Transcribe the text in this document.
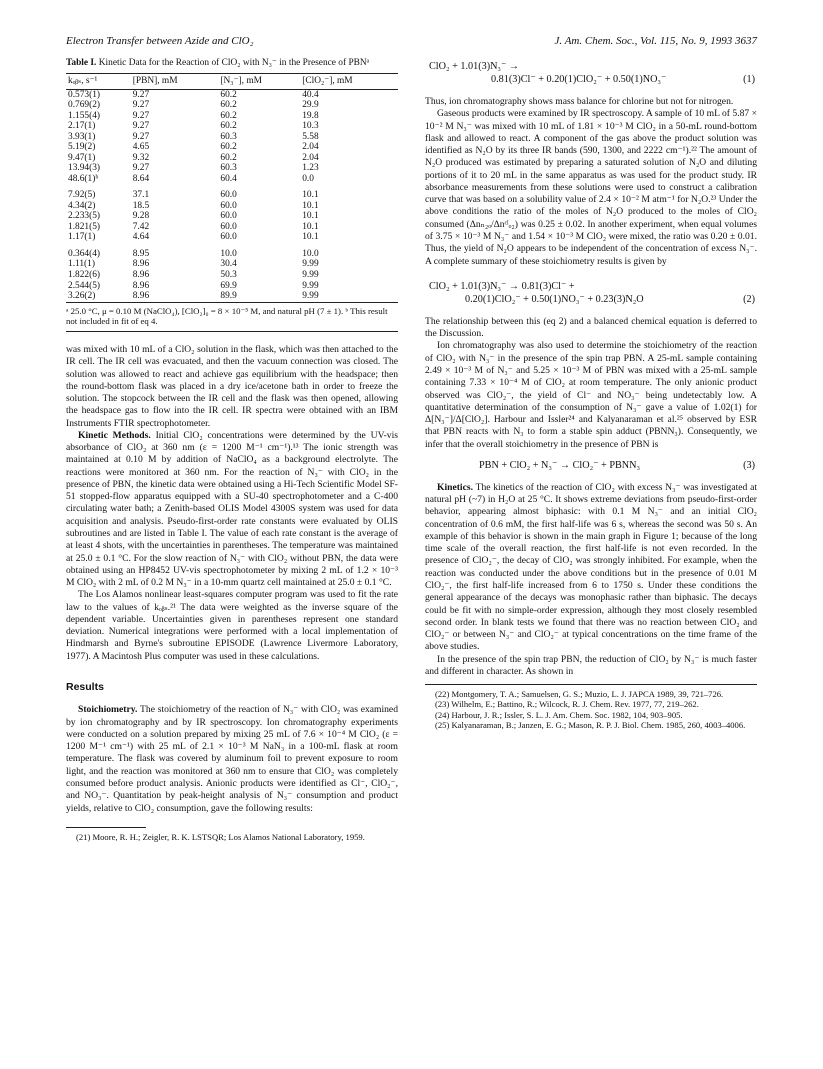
Electron Transfer between Azide and ClO₂	J. Am. Chem. Soc., Vol. 115, No. 9, 1993 3637
Table I. Kinetic Data for the Reaction of ClO₂ with N₃⁻ in the Presence of PBNᵃ
kₒᵦₛ, s⁻¹	[PBN], mM	[N₃⁻], mM	[ClO₂⁻], mM
0.573(1)	9.27	60.2	40.4
0.769(2)	9.27	60.2	29.9
1.155(4)	9.27	60.2	19.8
2.17(1)	9.27	60.2	10.3
3.93(1)	9.27	60.3	5.58
5.19(2)	4.65	60.2	2.04
9.47(1)	9.32	60.2	2.04
13.94(3)	9.27	60.3	1.23
48.6(1)ᵇ	8.64	60.4	0.0
7.92(5)	37.1	60.0	10.1
4.34(2)	18.5	60.0	10.1
2.233(5)	9.28	60.0	10.1
1.821(5)	7.42	60.0	10.1
1.17(1)	4.64	60.0	10.1
0.364(4)	8.95	10.0	10.0
1.11(1)	8.96	30.4	9.99
1.822(6)	8.96	50.3	9.99
2.544(5)	8.96	69.9	9.99
3.26(2)	8.96	89.9	9.99
ᵃ 25.0 °C, μ = 0.10 M (NaClO₄), [ClO₂]₀ = 8 × 10⁻⁵ M, and natural pH (7 ± 1). ᵇ This result not included in fit of eq 4.

was mixed with 10 mL of a ClO₂ solution in the flask, which was then attached to the IR cell. The IR cell was evacuated, and then the vacuum connection was closed. The solution was allowed to react and achieve gas equilibrium with the headspace; then the round-bottom flask was placed in a dry ice/acetone bath in order to freeze the solution. The stopcock between the IR cell and the flask was then opened, allowing the headspace gas to flow into the IR cell. IR spectra were obtained with an IBM Instruments FTIR spectrophotometer.

Kinetic Methods. Initial ClO₂ concentrations were determined by the UV-vis absorbance of ClO₂ at 360 nm (ε = 1200 M⁻¹ cm⁻¹).¹³ The ionic strength was maintained at 0.10 M by addition of NaClO₄ as a background electrolyte. The reactions were monitored at 360 nm. For the reaction of N₃⁻ with ClO₂ in the presence of PBN, the kinetic data were obtained using a Hi-Tech Scientific Model SF-51 stopped-flow apparatus equipped with a SU-40 spectrophotometer and a C-400 circulating water bath; a Zenith-based OLIS Model 4300S system was used for data acquisition and analysis. Pseudo-first-order rate constants were evaluated by OLIS subroutines and are listed in Table I. The value of each rate constant is the average of at least 4 shots, with the uncertainties in parentheses. The temperature was maintained at 25.0 ± 0.1 °C. For the slow reaction of N₃⁻ with ClO₂ without PBN, the data were obtained using an HP8452 UV-vis spectrophotometer by mixing 2 mL of 1.2 × 10⁻³ M ClO₂ with 2 mL of 0.2 M N₃⁻ in a 10-mm quartz cell maintained at 25.0 ± 0.1 °C.

The Los Alamos nonlinear least-squares computer program was used to fit the rate law to the values of kₒᵦₛ.²¹ The data were weighted as the inverse square of the dependent variable. Uncertainties given in parentheses represent one standard deviation. Numerical integrations were performed with a local implementation of Hindmarsh and Byrne's subroutine EPISODE (Lawrence Livermore Laboratory, 1977). A Macintosh Plus computer was used in these calculations.

Results

Stoichiometry. The stoichiometry of the reaction of N₃⁻ with ClO₂ was examined by ion chromatography and by IR spectroscopy. Ion chromatography experiments were conducted on a solution prepared by mixing 25 mL of 7.6 × 10⁻⁴ M ClO₂ (ε = 1200 M⁻¹ cm⁻¹) with 25 mL of 2.1 × 10⁻³ M NaN₃ in a 100-mL flask at room temperature. The flask was covered by aluminum foil to prevent exposure to room light, and the reaction was monitored at 360 nm to ensure that ClO₂ was completely consumed before product analysis. Anionic products were identified as Cl⁻, ClO₂⁻, and NO₃⁻. Quantitation by peak-height analysis of N₃⁻ consumption and product yields, relative to ClO₂ consumption, gave the following results:

(21) Moore, R. H.; Zeigler, R. K. LSTSQR; Los Alamos National Laboratory, 1959.
ClO₂ + 1.01(3)N₃⁻ →
0.81(3)Cl⁻ + 0.20(1)ClO₂⁻ + 0.50(1)NO₃⁻	(1)

Thus, ion chromatography shows mass balance for chlorine but not for nitrogen.

Gaseous products were examined by IR spectroscopy. A sample of 10 mL of 5.87 × 10⁻² M N₃⁻ was mixed with 10 mL of 1.81 × 10⁻³ M ClO₂ in a 50-mL round-bottom flask and allowed to react. A component of the gas above the product solution was identified as N₂O by its three IR bands (590, 1300, and 2222 cm⁻¹).²² The amount of N₂O produced was estimated by preparing a saturated solution of N₂O and diluting portions of it to 20 mL in the same apparatus as was used for the product study. IR absorbance measurements from these solutions were used to construct a calibration curve that was based on a solubility value of 2.4 × 10⁻² M atm⁻¹ for N₂O.²³ Under the above conditions the ratio of the moles of N₂O produced to the moles of ClO₂ consumed (Δnₙ₂ₒ/Δnᶜˡₒ₂) was 0.25 ± 0.02. In another experiment, when equal volumes of 3.75 × 10⁻³ M N₃⁻ and 1.54 × 10⁻³ M ClO₂ were mixed, the ratio was 0.20 ± 0.01. Thus, the yield of N₂O appears to be independent of the concentration of excess N₃⁻. A complete summary of these stoichiometry results is given by

ClO₂ + 1.01(3)N₃⁻ → 0.81(3)Cl⁻ +
0.20(1)ClO₂⁻ + 0.50(1)NO₃⁻ + 0.23(3)N₂O	(2)

The relationship between this (eq 2) and a balanced chemical equation is deferred to the Discussion.

Ion chromatography was also used to determine the stoichiometry of the reaction of ClO₂ with N₃⁻ in the presence of the spin trap PBN. A 25-mL sample containing 2.49 × 10⁻³ M of N₃⁻ and 5.25 × 10⁻³ M of PBN was mixed with a 25-mL sample containing 7.33 × 10⁻⁴ M of ClO₂ at room temperature. The only anionic product observed was ClO₂⁻, the yield of Cl⁻ and NO₃⁻ being undetectably low. A quantitative determination of the consumption of N₃⁻ gave a value of 1.02(1) for Δ[N₃⁻]/Δ[ClO₂]. Harbour and Issler²⁴ and Kalyanaraman et al.²⁵ observed by ESR that PBN reacts with N₃ to form a stable spin adduct (PBNN₃). Consequently, we infer that the overall stoichiometry in the presence of PBN is

PBN + ClO₂ + N₃⁻ → ClO₂⁻ + PBNN₃	(3)

Kinetics. The kinetics of the reaction of ClO₂ with excess N₃⁻ was investigated at natural pH (~7) in H₂O at 25 °C. It shows extreme deviations from pseudo-first-order behavior, appearing almost biphasic: with 0.1 M N₃⁻ and an initial ClO₂ concentration of 0.6 mM, the first half-life was 6 s, whereas the second was 50 s. An example of this behavior is shown in the main graph in Figure 1; because of the long time scale of the overall reaction, the first half-life is not even recorded. In the presence of ClO₂⁻, the decay of ClO₂ was strongly inhibited. For example, when the reaction was conducted under the above conditions but in the presence of 0.01 M ClO₂⁻, the first half-life increased from 6 to 1750 s. Under these conditions the general appearance of the decays was monophasic rather than biphasic. The decays could be fit with no simple-order expression, although they most closely resembled second order. In blank tests we found that there was no reaction between ClO₂ and ClO₂⁻ or between N₃⁻ and ClO₂⁻ at typical concentrations on the time frame of the above studies.

In the presence of the spin trap PBN, the reduction of ClO₂ by N₃⁻ is much faster and different in character. As shown in

(22) Montgomery, T. A.; Samuelsen, G. S.; Muzio, L. J. JAPCA 1989, 39, 721–726.
(23) Wilhelm, E.; Battino, R.; Wilcock, R. J. Chem. Rev. 1977, 77, 219–262.
(24) Harbour, J. R.; Issler, S. L. J. Am. Chem. Soc. 1982, 104, 903–905.
(25) Kalyanaraman, B.; Janzen, E. G.; Mason, R. P. J. Biol. Chem. 1985, 260, 4003–4006.
